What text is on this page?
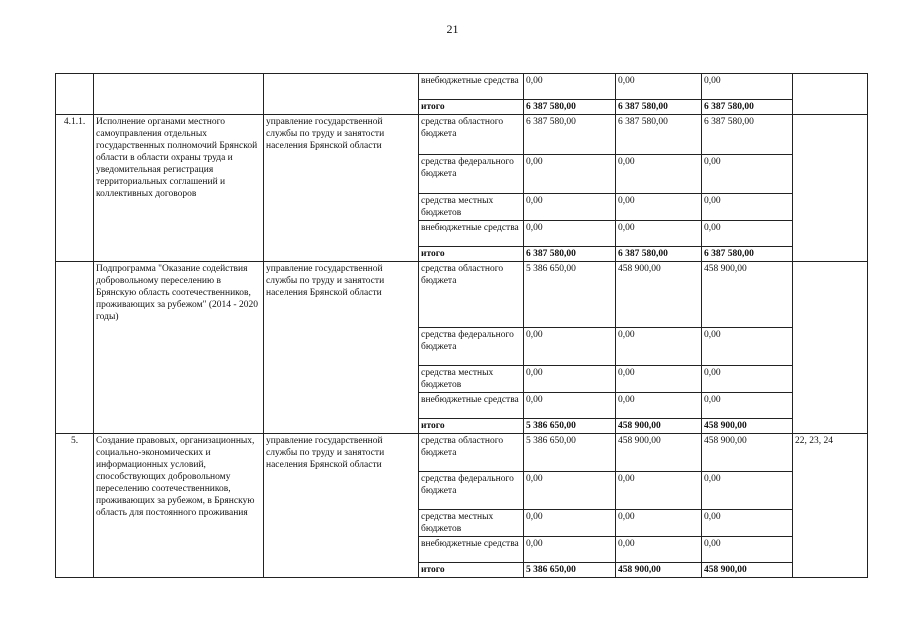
21
			внебюджетные средства	0,00	0,00	0,00	
			итого	6 387 580,00	6 387 580,00	6 387 580,00	
4.1.1.	Исполнение органами местного самоуправления отдельных государственных полномочий Брянской области в области охраны труда и уведомительная регистрация территориальных соглашений и коллективных договоров	управление государственной службы по труду и занятости населения Брянской области	средства областного бюджета	6 387 580,00	6 387 580,00	6 387 580,00	
			средства федерального бюджета	0,00	0,00	0,00	
			средства местных бюджетов	0,00	0,00	0,00	
			внебюджетные средства	0,00	0,00	0,00	
			итого	6 387 580,00	6 387 580,00	6 387 580,00	
	Подпрограмма "Оказание содействия добровольному переселению в Брянскую область соотечественников, проживающих за рубежом" (2014 - 2020 годы)	управление государственной службы по труду и занятости населения Брянской области	средства областного бюджета	5 386 650,00	458 900,00	458 900,00	
			средства федерального бюджета	0,00	0,00	0,00	
			средства местных бюджетов	0,00	0,00	0,00	
			внебюджетные средства	0,00	0,00	0,00	
			итого	5 386 650,00	458 900,00	458 900,00	
5.	Создание правовых, организационных, социально-экономических и информационных условий, способствующих добровольному переселению соотечественников, проживающих за рубежом, в Брянскую область для постоянного проживания	управление государственной службы по труду и занятости населения Брянской области	средства областного бюджета	5 386 650,00	458 900,00	458 900,00	22, 23, 24
			средства федерального бюджета	0,00	0,00	0,00	
			средства местных бюджетов	0,00	0,00	0,00	
			внебюджетные средства	0,00	0,00	0,00	
			итого	5 386 650,00	458 900,00	458 900,00	
